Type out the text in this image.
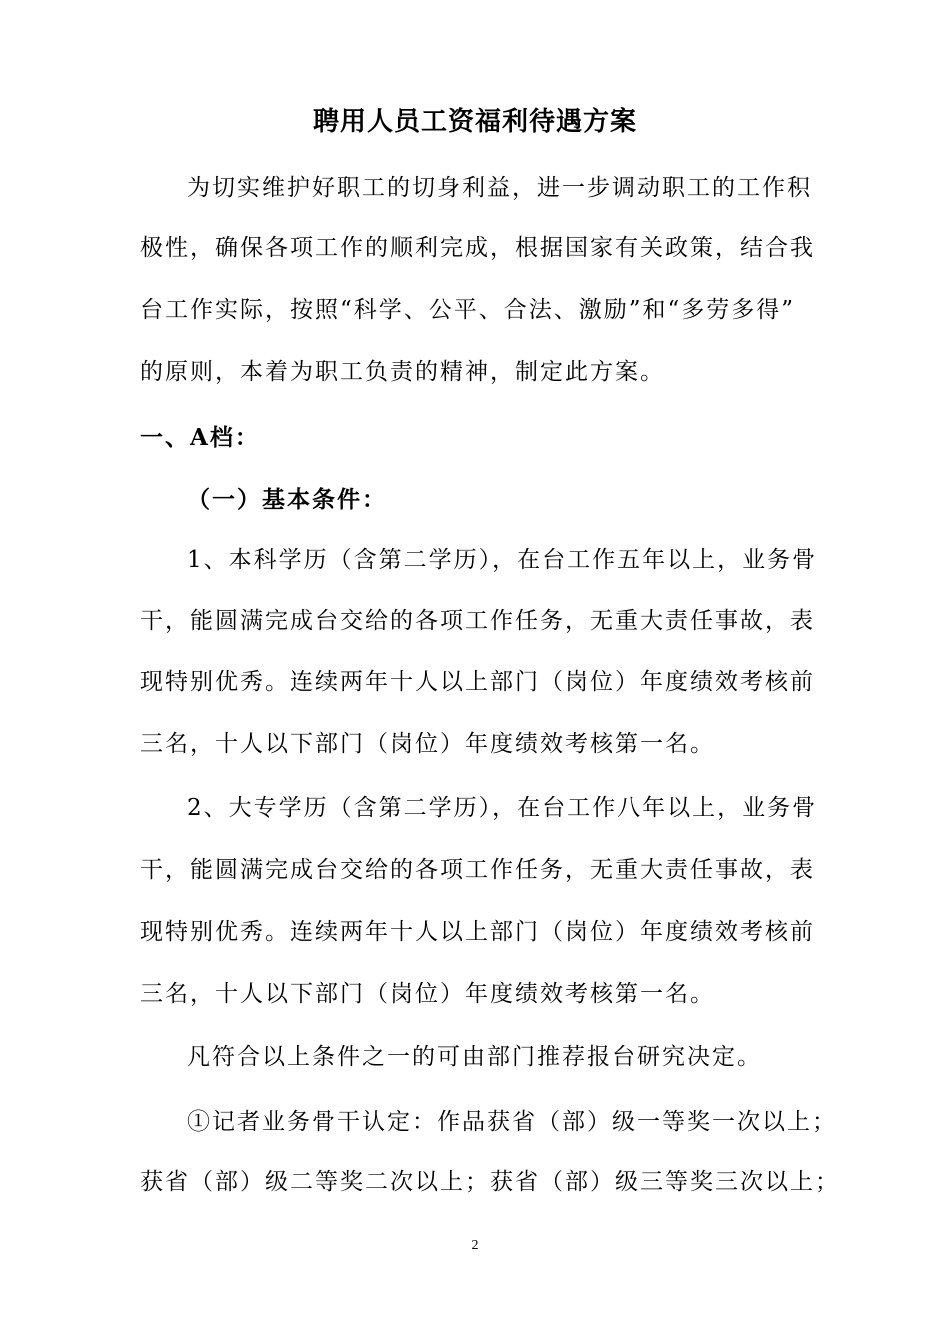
聘用人员工资福利待遇方案
为切实维护好职工的切身利益，进一步调动职工的工作积
极性，确保各项工作的顺利完成，根据国家有关政策，结合我
台工作实际，按照“科学、公平、合法、激励”和“多劳多得”
的原则，本着为职工负责的精神，制定此方案。
一、A档：
（一）基本条件：
1、本科学历（含第二学历），在台工作五年以上，业务骨
干，能圆满完成台交给的各项工作任务，无重大责任事故，表
现特别优秀。连续两年十人以上部门（岗位）年度绩效考核前
三名，十人以下部门（岗位）年度绩效考核第一名。
2、大专学历（含第二学历），在台工作八年以上，业务骨
干，能圆满完成台交给的各项工作任务，无重大责任事故，表
现特别优秀。连续两年十人以上部门（岗位）年度绩效考核前
三名，十人以下部门（岗位）年度绩效考核第一名。
凡符合以上条件之一的可由部门推荐报台研究决定。
①记者业务骨干认定：作品获省（部）级一等奖一次以上；
获省（部）级二等奖二次以上；获省（部）级三等奖三次以上；
2
